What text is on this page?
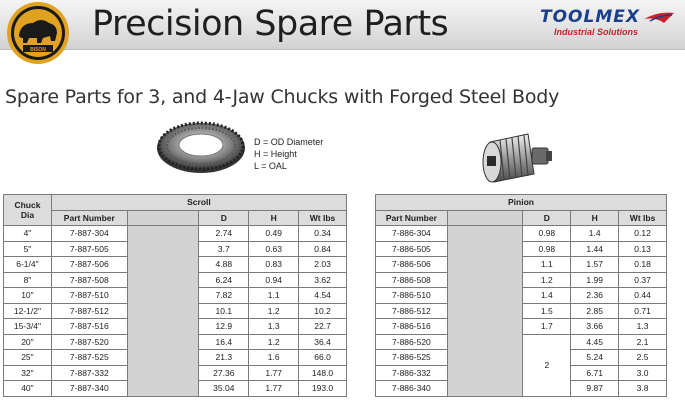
BISON
Precision Spare Parts	TOOLMEX
Industrial Solutions
Spare Parts for 3, and 4-Jaw Chucks with Forged Steel Body
D = OD Diameter
H = Height
L = OAL
Chuck
Dia	Scroll				
	Part Number		D	H	Wt lbs
4"	7-887-304		2.74	0.49	0.34
5"	7-887-505		3.7	0.63	0.84
6-1/4"	7-887-506		4.88	0.83	2.03
8"	7-887-508		6.24	0.94	3.62
10"	7-887-510		7.82	1.1	4.54
12-1/2"	7-887-512		10.1	1.2	10.2
15-3/4"	7-887-516		12.9	1.3	22.7
20"	7-887-520		16.4	1.2	36.4
25"	7-887-525		21.3	1.6	66.0
32"	7-887-332		27.36	1.77	148.0
40"	7-887-340		35.04	1.77	193.0
Pinion				
Part Number		D	H	Wt lbs
7-886-304		0.98	1.4	0.12
7-886-505		0.98	1.44	0.13
7-886-506		1.1	1.57	0.18
7-886-508		1.2	1.99	0.37
7-886-510		1.4	2.36	0.44
7-886-512		1.5	2.85	0.71
7-886-516		1.7	3.66	1.3
7-886-520		2	4.45	2.1
7-886-525			5.24	2.5
7-886-332			6.71	3.0
7-886-340			9.87	3.8
